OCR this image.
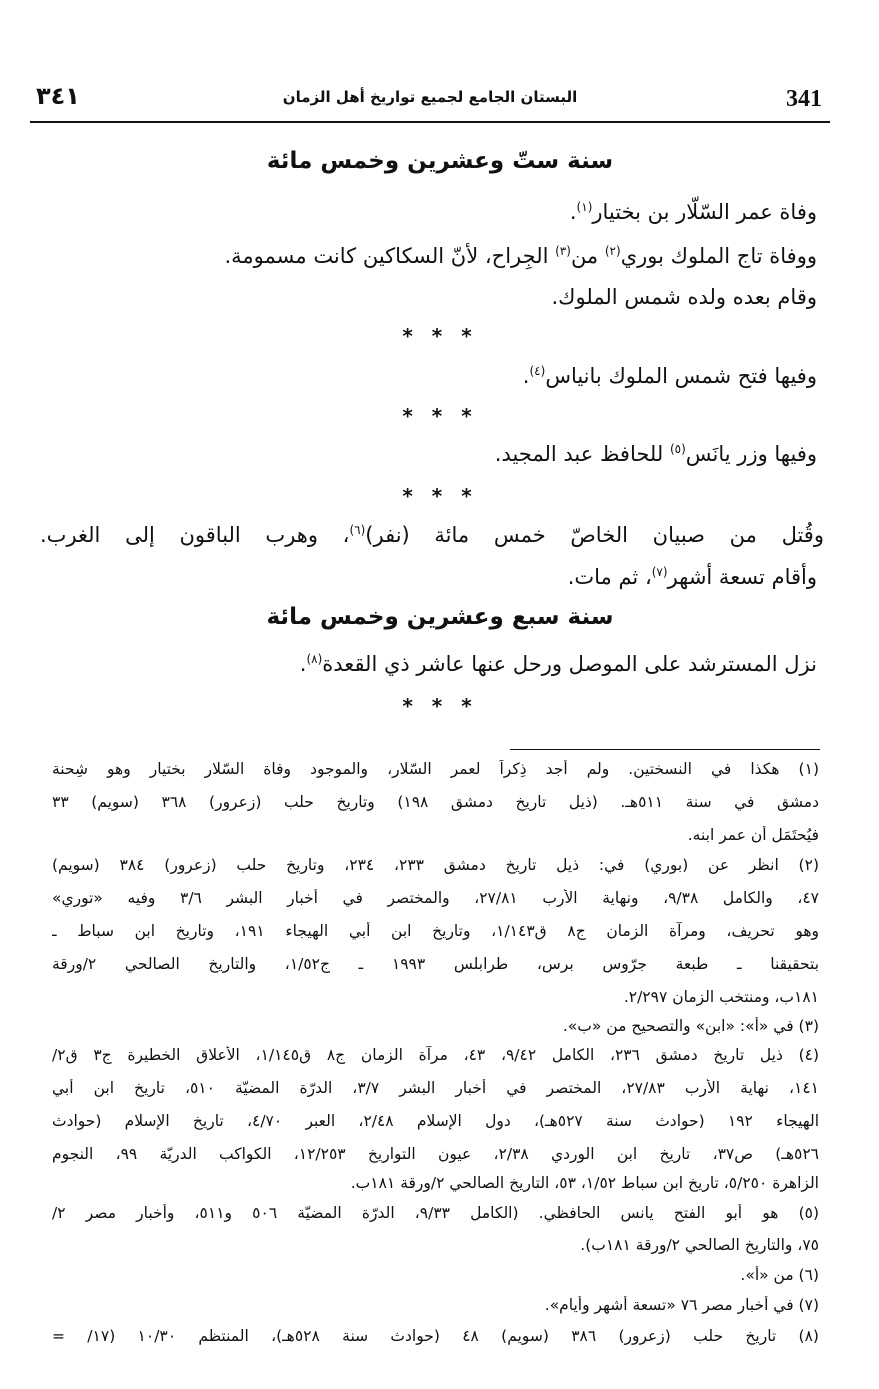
٣٤١	البستان الجامع لجميع تواريخ أهل الزمان	341
سنة ستّ وعشرين وخمس مائة
وفاة عمر السّلّار بن بختيار$^{(١)}$.
ووفاة تاج الملوك بوري$^{(٢)}$ من$^{(٣)}$ الجِراح، لأنّ السكاكين كانت مسمومة.
وقام بعده ولده شمس الملوك.
* * *
وفيها فتح شمس الملوك بانياس$^{(٤)}$.
* * *
وفيها وزر يانَس$^{(٥)}$ للحافظ عبد المجيد.
* * *
وقُتل من صبيان الخاصّ خمس مائة (نفر)$^{(٦)}$، وهرب الباقون إلى الغرب.
وأقام تسعة أشهر$^{(٧)}$، ثم مات.
سنة سبع وعشرين وخمس مائة
نزل المسترشد على الموصل ورحل عنها عاشر ذي القعدة$^{(٨)}$.
* * *
(١) هكذا في النسختين. ولم أجد ذِكراً لعمر السّلار، والموجود وفاة السّلار بختيار وهو شِحنة
دمشق في سنة ٥١١هـ. (ذيل تاريخ دمشق ١٩٨) وتاريخ حلب (زعرور) ٣٦٨ (سويم) ٣٣
فيُحتَمَل أن عمر ابنه.
(٢) انظر عن (بوري) في: ذيل تاريخ دمشق ٢٣٣، ٢٣٤، وتاريخ حلب (زعرور) ٣٨٤ (سويم)
٤٧، والكامل ٩/٣٨، ونهاية الأرب ٢٧/٨١، والمختصر في أخبار البشر ٣/٦ وفيه «توري»
وهو تحريف، ومرآة الزمان ج٨ ق١/١٤٣، وتاريخ ابن أبي الهيجاء ١٩١، وتاريخ ابن سباط ـ
بتحقيقنا ـ طبعة جرّوس برس، طرابلس ١٩٩٣ ـ ج١/٥٢، والتاريخ الصالحي ٢/ورقة
١٨١ب، ومنتخب الزمان ٢/٢٩٧.
(٣) في «أ»: «ابن» والتصحيح من «ب».
(٤) ذيل تاريخ دمشق ٢٣٦، الكامل ٩/٤٢، ٤٣، مرآة الزمان ج٨ ق١/١٤٥، الأعلاق الخطيرة ج٣ ق٢/
١٤١، نهاية الأرب ٢٧/٨٣، المختصر في أخبار البشر ٣/٧، الدرّة المضيّة ٥١٠، تاريخ ابن أبي
الهيجاء ١٩٢ (حوادث سنة ٥٢٧هـ)، دول الإسلام ٢/٤٨، العبر ٤/٧٠، تاريخ الإسلام (حوادث
٥٢٦هـ) ص٣٧، تاريخ ابن الوردي ٢/٣٨، عيون التواريخ ١٢/٢٥٣، الكواكب الدريّة ٩٩، النجوم
الزاهرة ٥/٢٥٠، تاريخ ابن سباط ١/٥٢، ٥٣، التاريخ الصالحي ٢/ورقة ١٨١ب.
(٥) هو أبو الفتح يانس الحافظي. (الكامل ٩/٣٣، الدرّة المضيّة ٥٠٦ و٥١١، وأخبار مصر ٢/
٧٥، والتاريخ الصالحي ٢/ورقة ١٨١ب).
(٦) من «أ».
(٧) في أخبار مصر ٧٦ «تسعة أشهر وأيام».
(٨) تاريخ حلب (زعرور) ٣٨٦ (سويم) ٤٨ (حوادث سنة ٥٢٨هـ)، المنتظم ١٠/٣٠ (١٧/ =
